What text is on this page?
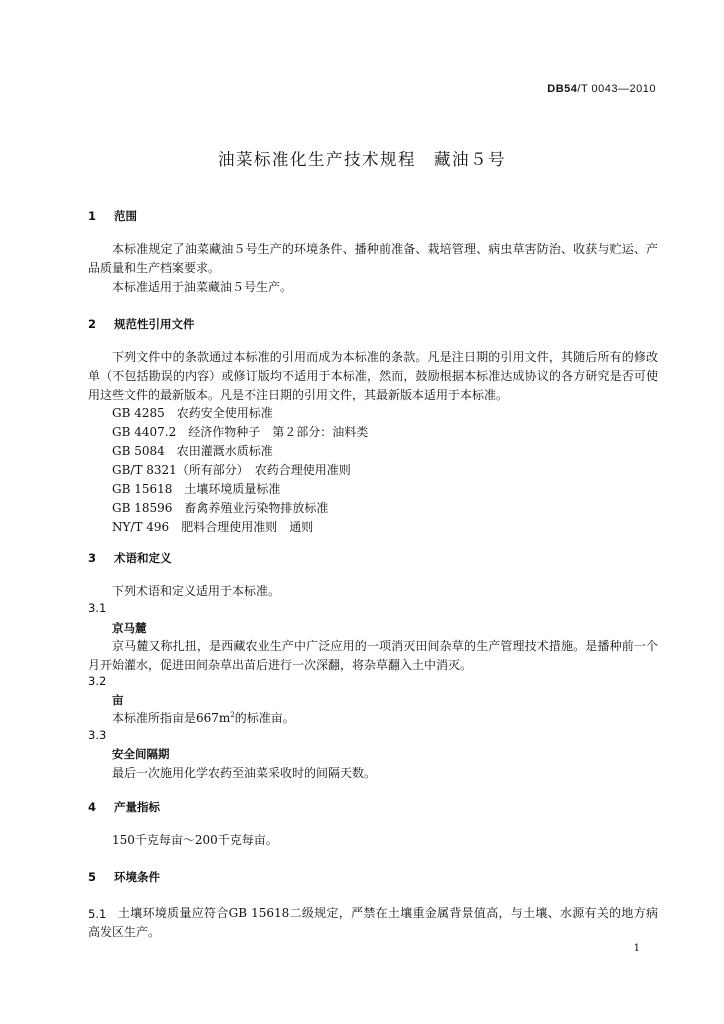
DB54/T 0043—2010
油菜标准化生产技术规程　藏油５号
1 范围
本标准规定了油菜藏油５号生产的环境条件、播种前准备、栽培管理、病虫草害防治、收获与贮运、产品质量和生产档案要求。
本标准适用于油菜藏油５号生产。
2 规范性引用文件
下列文件中的条款通过本标准的引用而成为本标准的条款。凡是注日期的引用文件，其随后所有的修改单（不包括勘误的内容）或修订版均不适用于本标准，然而，鼓励根据本标准达成协议的各方研究是否可使用这些文件的最新版本。凡是不注日期的引用文件，其最新版本适用于本标准。
GB 4285　农药安全使用标准
GB 4407.2　经济作物种子　第２部分：油料类
GB 5084　农田灌溉水质标准
GB/T 8321（所有部分）　农药合理使用准则
GB 15618　土壤环境质量标准
GB 18596　畜禽养殖业污染物排放标准
NY/T 496　肥料合理使用准则　通则
3 术语和定义
下列术语和定义适用于本标准。
3.1
京马麓
京马麓又称扎扭，是西藏农业生产中广泛应用的一项消灭田间杂草的生产管理技术措施。是播种前一个月开始灌水，促进田间杂草出苗后进行一次深翻，将杂草翻入土中消灭。
3.2
亩
本标准所指亩是$667m^2$的标准亩。
3.3
安全间隔期
最后一次施用化学农药至油菜采收时的间隔天数。
4 产量指标
150千克每亩～200千克每亩。
5 环境条件
5.1 土壤环境质量应符合GB 15618二级规定，严禁在土壤重金属背景值高，与土壤、水源有关的地方病高发区生产。
1
